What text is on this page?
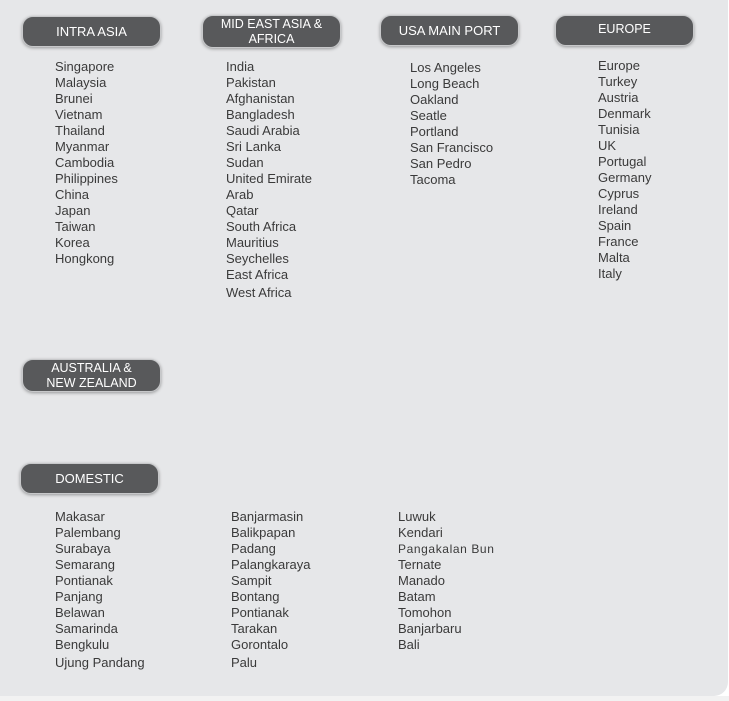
INTRA ASIA
MID EAST ASIA &
AFRICA
USA MAIN PORT	EUROPE
AUSTRALIA &
NEW ZEALAND
DOMESTIC
Singapore
Malaysia
Brunei
Vietnam
Thailand
Myanmar
Cambodia
Philippines
China
Japan
Taiwan
Korea
Hongkong
India
Pakistan
Afghanistan
Bangladesh
Saudi Arabia
Sri Lanka
Sudan
United Emirate
Arab
Qatar
South Africa
Mauritius
Seychelles
East Africa
West Africa
Los Angeles
Long Beach
Oakland
Seatle
Portland
San Francisco
San Pedro
Tacoma
Europe
Turkey
Austria
Denmark
Tunisia
UK
Portugal
Germany
Cyprus
Ireland
Spain
France
Malta
Italy
Makasar
Palembang
Surabaya
Semarang
Pontianak
Panjang
Belawan
Samarinda
Bengkulu
Ujung Pandang
Banjarmasin
Balikpapan
Padang
Palangkaraya
Sampit
Bontang
Pontianak
Tarakan
Gorontalo
Palu
Luwuk
Kendari
Pangakalan Bun
Ternate
Manado
Batam
Tomohon
Banjarbaru
Bali
